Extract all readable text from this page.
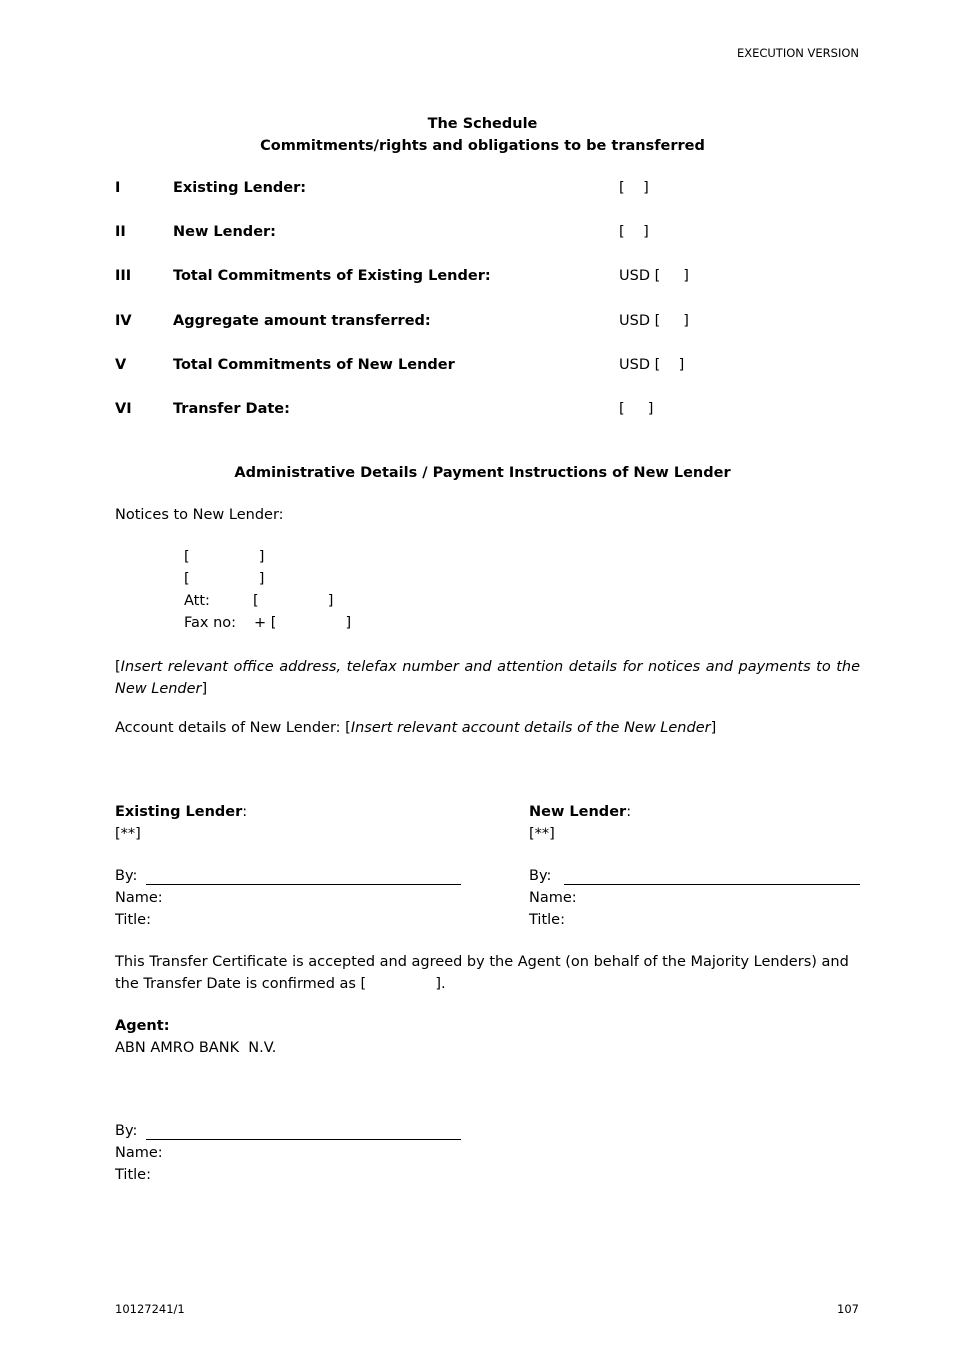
EXECUTION VERSION
The Schedule
Commitments/rights and obligations to be transferred
I	Existing Lender:	[    ]
II	New Lender:	[    ]
III	Total Commitments of Existing Lender:	USD [     ]
IV	Aggregate amount transferred:	USD [     ]
V	Total Commitments of New Lender	USD [    ]
VI	Transfer Date:	[     ]
Administrative Details / Payment Instructions of New Lender
Notices to New Lender:
[               ]
[               ]
Att:	[               ]
Fax no: + [               ]
[Insert relevant office address, telefax number and attention details for notices and payments to the New Lender]
Account details of New Lender: [Insert relevant account details of the New Lender]
Existing Lender:
[**]
By:
Name:
Title:
New Lender:
[**]
By:
Name:
Title:
This Transfer Certificate is accepted and agreed by the Agent (on behalf of the Majority Lenders) and
the Transfer Date is confirmed as [               ].
Agent:
ABN AMRO BANK  N.V.
By:
Name:
Title:
10127241/1	107
